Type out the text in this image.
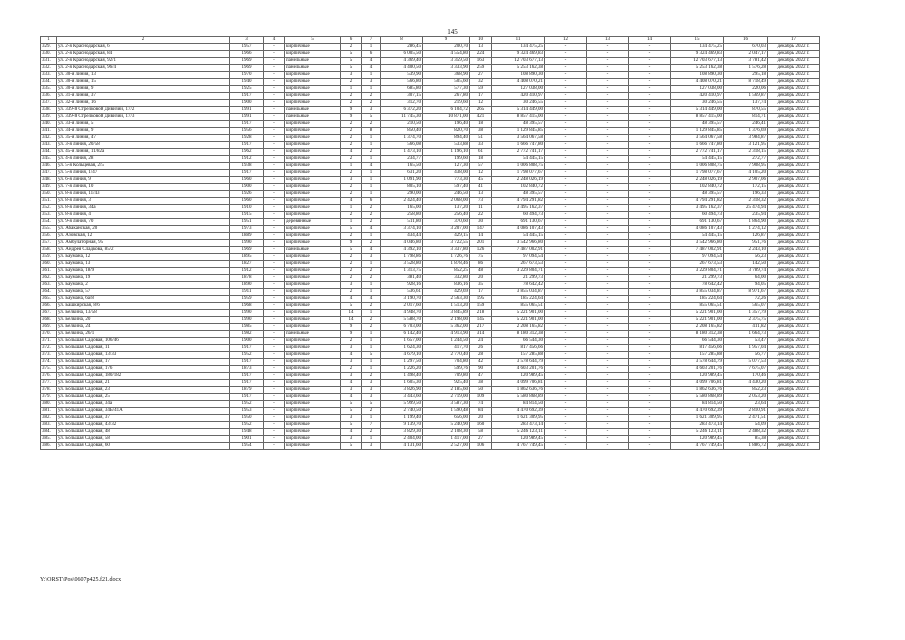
145
1	2	3	4	5	6	7	8	9	10	11	12	13	14	15	16	17
329.	ул. 2-я Краснодарская, 6	1957	-	кирпичные	2	1	286,45	200,70	13	134 475,25	-	-	-	134 475,25	670,03	декабрь 2022 г.
330.	ул. 2-я Краснодарская, 84	1966	-	кирпичные	5	6	6 005,50	4 554,80	224	9 324 469,83	-	-	-	9 324 469,83	2 047,17	декабрь 2022 г.
331.	ул. 2-я Краснодарская, 92/1	1969	-	панельные	5	4	4 369,40	3 359,50	163	12 703 677,13	-	-	-	12 703 677,13	3 781,42	декабрь 2022 г.
332.	ул. 2-я Краснодарская, 96/4	1969	-	панельные	5	4	4 400,50	3 333,90	259	5 253 162,38	-	-	-	5 253 162,38	1 576,28	декабрь 2022 г.
333.	ул. 30-я линия, 13	1970	-	кирпичные	3	1	539,90	368,90	27	108 890,30	-	-	-	108 890,30	295,18	декабрь 2022 г.
334.	ул. 30-я линия, 15	1940	-	кирпичные	2	3	566,80	505,60	32	4 408 070,21	-	-	-	4 408 070,21	8 718,49	декабрь 2022 г.
335.	ул. 30-я линия, 9	1925	-	кирпичные	1	1	685,80	577,30	59	127 038,00	-	-	-	127 038,00	220,06	декабрь 2022 г.
336.	ул. 31-я линия, 37	1917	-	кирпичные	2	2	307,15	267,80	17	420 410,97	-	-	-	420 410,97	1 569,87	декабрь 2022 г.
337.	ул. 32-я линия, 16	1900	-	кирпичные	2	2	312,70	219,60	12	30 246,55	-	-	-	30 246,55	137,74	декабрь 2022 г.
338.	ул. 339-й Стрелковой Дивизии, 17/2	1991	-	панельные	9	3	6 372,20	6 104,72	265	5 314 449,00	-	-	-	5 314 449,00	870,55	декабрь 2022 г.
339.	ул. 339-й Стрелковой Дивизии, 17/3	1991	-	панельные	9	5	11 745,30	10 871,00	421	8 857 415,00	-	-	-	8 857 415,00	814,71	декабрь 2022 г.
340.	ул. 33-я линия, 5	1917	-	кирпичные	2	2	210,50	196,40	18	48 395,57	-	-	-	48 395,57	246,41	декабрь 2022 г.
341.	ул. 34-я линия, 9	1956	-	кирпичные	2	8	850,40	820,70	38	1 129 845,85	-	-	-	1 129 845,85	1 376,69	декабрь 2022 г.
342.	ул. 35-я линия, 47	1928	-	кирпичные	2	1	1 374,70	894,40	51	3 564 067,58	-	-	-	3 564 067,58	3 984,87	декабрь 2022 г.
343.	ул. 3-я линия, 20/58	1917	-	кирпичные	2	1	566,08	533,88	33	1 666 747,80	-	-	-	1 666 747,80	3 121,95	декабрь 2022 г.
344.	ул. 45-я линия, 11/82а	1962	-	кирпичные	4	2	1 473,10	1 196,10	61	2 772 741,17	-	-	-	2 772 741,17	2 318,15	декабрь 2022 г.
345.	ул. 4-я линия, 28	1912	-	кирпичные	2	1	234,77	199,60	18	54 445,15	-	-	-	54 445,15	272,77	декабрь 2022 г.
346.	ул. 5-я Кольцевая, 2/5	1938	-	кирпичные	1	4	165,50	127,30	57	1 006 808,75	-	-	-	1 006 808,75	7 908,95	декабрь 2022 г.
347.	ул. 5-я линия, 1/47	1917	-	кирпичные	2	1	631,20	438,00	12	1 798 077,67	-	-	-	1 798 077,67	4 105,20	декабрь 2022 г.
348.	ул. 6-я линия, 9	1960	-	кирпичные	3	1	1 091,90	773,30	45	2 248 026,19	-	-	-	2 248 026,19	2 907,06	декабрь 2022 г.
349.	ул. 7-я линия, 10	1900	-	кирпичные	2	1	805,10	597,40	41	102 840,72	-	-	-	102 840,72	172,15	декабрь 2022 г.
350.	ул. 8-я линия, 11/43	1926	-	кирпичные	2	1	290,00	246,50	13	48 395,57	-	-	-	48 395,57	196,33	декабрь 2022 г.
351.	ул. 8-я линия, 3	1960	-	кирпичные	4	6	2 424,40	2 068,00	73	4 794 291,82	-	-	-	4 794 291,82	2 318,32	декабрь 2022 г.
352.	ул. 8-я линия, 34а	1910	-	кирпичные	1	2	165,00	137,20	11	3 495 162,37	-	-	-	3 495 162,37	25 474,94	декабрь 2022 г.
353.	ул. 8-я линия, 4	1915	-	кирпичные	2	2	258,80	256,40	22	60 494,73	-	-	-	60 494,73	235,94	декабрь 2022 г.
354.	ул. 9-я линия, 70	1951	-	деревянные	1	2	511,80	370,60	30	691 130,67	-	-	-	691 130,67	1 864,90	декабрь 2022 г.
355.	ул. Абаканская, 20	1973	-	кирпичные	5	4	3 374,10	3 207,00	147	4 086 107,43	-	-	-	4 086 107,43	1 274,12	декабрь 2022 г.
356.	ул. Азовская, 12	1889	-	кирпичные	2	1	434,44	429,15	14	54 445,15	-	-	-	54 445,15	126,87	декабрь 2022 г.
357.	ул. Амбулаторная, 95	1990	-	кирпичные	9	2	4 046,80	3 722,55	201	3 542 966,80	-	-	-	3 542 966,80	951,76	декабрь 2022 г.
358.	ул. Андрея Сладкова, 85/2	1969	-	панельные	5	4	4 392,10	3 337,80	126	7 487 002,91	-	-	-	7 487 002,91	2 243,10	декабрь 2022 г.
359.	ул. Баумана, 12	1895	-	кирпичные	2	3	1 798,86	1 726,76	75	97 094,54	-	-	-	97 094,54	56,23	декабрь 2022 г.
360.	ул. Баумана, 13	1827	-	кирпичные	2	1	3 528,80	1 878,46	86	267 673,53	-	-	-	267 673,53	142,50	декабрь 2022 г.
361.	ул. Баумана, 18/9	1912	-	кирпичные	2	2	1 313,75	852,25	48	3 229 804,71	-	-	-	3 229 804,71	3 789,74	декабрь 2022 г.
362.	ул. Баумана, 19	1878	-	кирпичные	2	2	381,40	332,80	20	21 299,73	-	-	-	21 299,73	64,00	декабрь 2022 г.
363.	ул. Баумана, 2	1890	-	кирпичные	3	1	928,16	836,16	35	78 642,42	-	-	-	78 642,42	94,05	декабрь 2022 г.
364.	ул. Баумана, 57	1911	-	кирпичные	2	1	536,61	429,69	17	3 855 034,87	-	-	-	3 855 034,87	8 971,67	декабрь 2022 г.
365.	ул. Баумана, 6а/8	1959	-	кирпичные	4	4	3 190,70	2 563,30	195	185 224,64	-	-	-	185 224,64	72,26	декабрь 2022 г.
366.	ул. Башкирская, 8/6	1968	-	кирпичные	5	2	2 017,60	1 513,20	159	855 065,51	-	-	-	855 065,51	565,07	декабрь 2022 г.
367.	ул. Белкина, 13/58	1990	-	кирпичные	14	1	4 948,70	3 845,89	218	5 221 901,00	-	-	-	5 221 901,00	1 357,79	декабрь 2022 г.
368.	ул. Белкина, 20	1990	-	кирпичные	14	2	5 588,70	2 198,00	145	5 221 901,00	-	-	-	5 221 901,00	2 375,75	декабрь 2022 г.
369.	ул. Белкина, 24	1985	-	кирпичные	9	2	6 703,00	5 362,00	217	2 208 165,82	-	-	-	2 208 165,82	411,82	декабрь 2022 г.
370.	ул. Белкина, 26/1	1982	-	панельные	9	1	6 142,40	4 913,90	314	8 180 312,38	-	-	-	8 180 312,38	1 664,73	декабрь 2022 г.
371.	ул. Большая Садовая, 106/46	1900	-	кирпичные	2	1	1 657,00	1 244,50	24	66 544,30	-	-	-	66 544,30	53,47	декабрь 2022 г.
372.	ул. Большая Садовая, 11	1917	-	кирпичные	3	1	1 624,30	417,70	26	817 456,66	-	-	-	817 456,66	1 957,04	декабрь 2022 г.
373.	ул. Большая Садовая, 13/33	1952	-	кирпичные	4	5	4 679,10	2 770,40	28	157 285,88	-	-	-	157 285,88	56,77	декабрь 2022 г.
374.	ул. Большая Садовая, 17	1917	-	кирпичные	3	1	1 297,50	704,80	42	3 578 644,79	-	-	-	3 578 644,79	5 077,53	декабрь 2022 г.
375.	ул. Большая Садовая, 176	1873	-	кирпичные	2	1	1 226,20	599,76	90	4 603 201,76	-	-	-	4 603 201,76	7 675,07	декабрь 2022 г.
376.	ул. Большая Садовая, 180/182	1917	-	кирпичные	3	2	1 498,40	709,80	47	120 989,45	-	-	-	120 989,45	170,46	декабрь 2022 г.
377.	ул. Большая Садовая, 21	1917	-	кирпичные	4	3	1 605,30	925,40	38	4 099 706,81	-	-	-	4 099 706,81	4 430,20	декабрь 2022 г.
378.	ул. Большая Садовая, 23	1879	-	кирпичные	3	3	3 826,90	2 185,60	50	1 862 636,76	-	-	-	1 862 636,76	852,23	декабрь 2022 г.
379.	ул. Большая Садовая, 25	1917	-	кирпичные	4	3	3 443,60	2 719,00	109	5 580 868,89	-	-	-	5 580 868,89	2 053,20	декабрь 2022 г.
380.	ул. Большая Садовая, 34а	1952	-	кирпичные	5	5	5 999,50	3 587,30	74	84 814,50	-	-	-	84 814,50	23,64	декабрь 2022 г.
381.	ул. Большая Садовая, 34Б/41А	1953	-	кирпичные	5	2	2 740,50	1 590,48	84	4 470 692,39	-	-	-	4 470 692,39	2 810,91	декабрь 2022 г.
382.	ул. Большая Садовая, 37	1950	-	кирпичные	3	1	1 199,40	656,00	20	1 621 309,95	-	-	-	1 621 309,95	2 471,51	декабрь 2022 г.
383.	ул. Большая Садовая, 43/32	1952	-	кирпичные	5	7	9 139,70	5 240,90	160	283 473,14	-	-	-	283 473,14	54,09	декабрь 2022 г.
384.	ул. Большая Садовая, 48	1948	-	кирпичные	4	2	3 829,30	2 108,30	58	5 246 123,11	-	-	-	5 246 123,11	2 488,32	декабрь 2022 г.
385.	ул. Большая Садовая, 58	1901	-	кирпичные	3	1	2 404,00	1 417,00	27	120 989,45	-	-	-	120 989,45	85,38	декабрь 2022 г.
386.	ул. Большая Садовая, 60	1954	-	кирпичные	5	3	4 131,60	2 527,00	106	4 767 749,45	-	-	-	4 767 749,45	1 886,72	декабрь 2022 г.
Y:\ORST\Pos\0607p425.f21.docx
